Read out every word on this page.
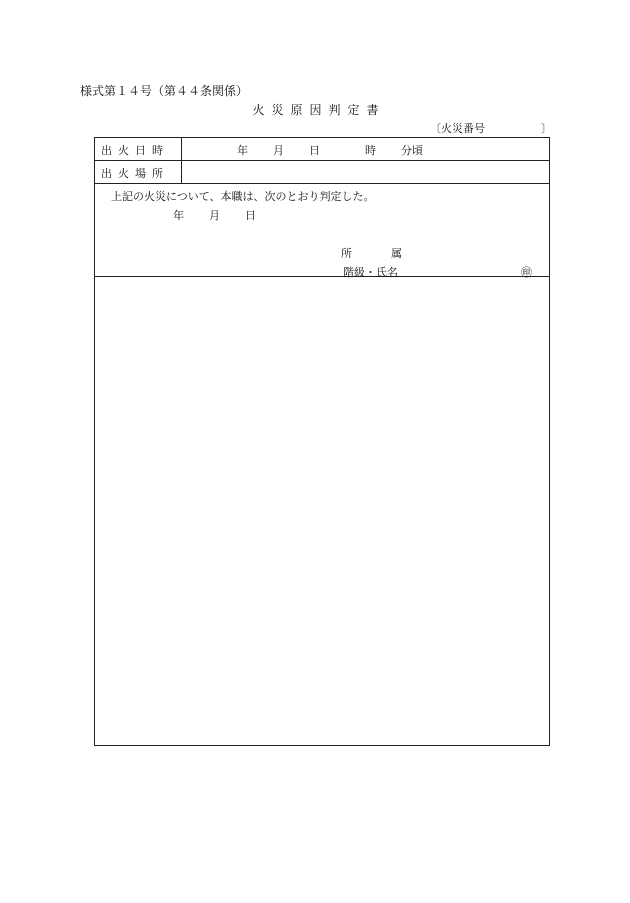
様式第１４号（第４４条関係）
火災原因判定書
〔火災番号	〕
出火日時	年 月 日	時 分頃
出火場所
上記の火災について、本職は、次のとおり判定した。
年 月 日
所	属
階級・氏名	㊞
